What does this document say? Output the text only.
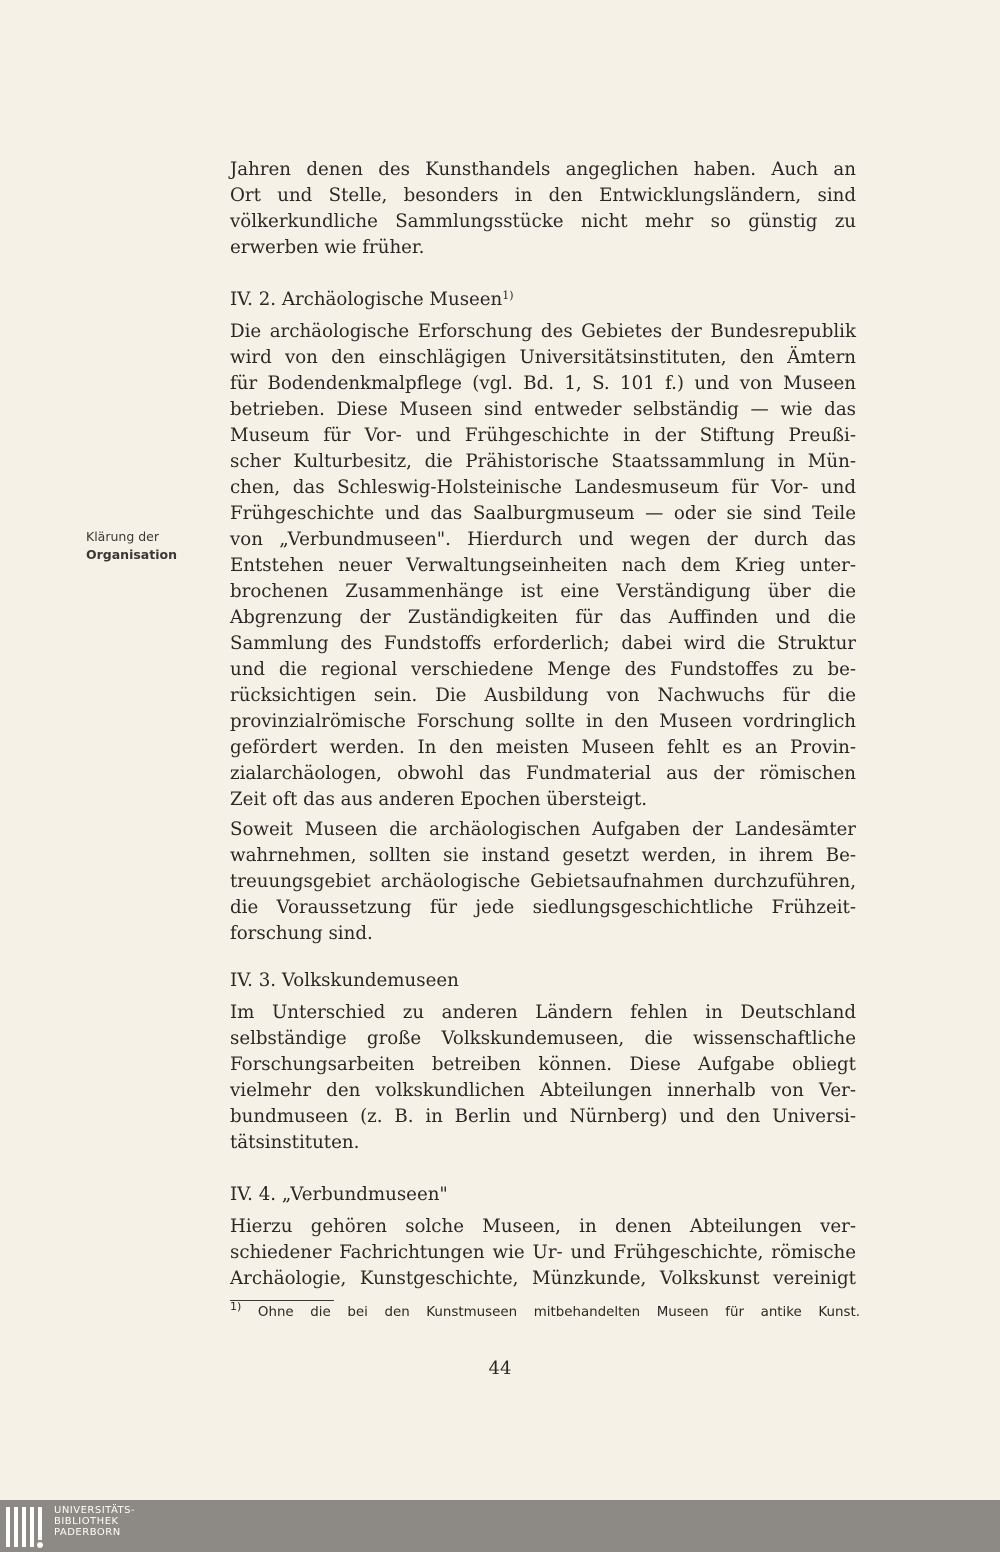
Jahren denen des Kunsthandels angeglichen haben. Auch an
Ort und Stelle, besonders in den Entwicklungsländern, sind
völkerkundliche Sammlungsstücke nicht mehr so günstig zu
erwerben wie früher.
IV. 2. Archäologische Museen$^{1)}$
Die archäologische Erforschung des Gebietes der Bundesrepublik
wird von den einschlägigen Universitätsinstituten, den Ämtern
für Bodendenkmalpflege (vgl. Bd. 1, S. 101 f.) und von Museen
betrieben. Diese Museen sind entweder selbständig — wie das
Museum für Vor- und Frühgeschichte in der Stiftung Preußi-
scher Kulturbesitz, die Prähistorische Staatssammlung in Mün-
chen, das Schleswig-Holsteinische Landesmuseum für Vor- und
Frühgeschichte und das Saalburgmuseum — oder sie sind Teile
von „Verbundmuseen". Hierdurch und wegen der durch das
Entstehen neuer Verwaltungseinheiten nach dem Krieg unter-
brochenen Zusammenhänge ist eine Verständigung über die
Abgrenzung der Zuständigkeiten für das Auffinden und die
Sammlung des Fundstoffs erforderlich; dabei wird die Struktur
und die regional verschiedene Menge des Fundstoffes zu be-
rücksichtigen sein. Die Ausbildung von Nachwuchs für die
provinzialrömische Forschung sollte in den Museen vordringlich
gefördert werden. In den meisten Museen fehlt es an Provin-
zialarchäologen, obwohl das Fundmaterial aus der römischen
Zeit oft das aus anderen Epochen übersteigt.
Klärung der
Organisation
Soweit Museen die archäologischen Aufgaben der Landesämter
wahrnehmen, sollten sie instand gesetzt werden, in ihrem Be-
treuungsgebiet archäologische Gebietsaufnahmen durchzuführen,
die Voraussetzung für jede siedlungsgeschichtliche Frühzeit-
forschung sind.
IV. 3. Volkskundemuseen
Im Unterschied zu anderen Ländern fehlen in Deutschland
selbständige große Volkskundemuseen, die wissenschaftliche
Forschungsarbeiten betreiben können. Diese Aufgabe obliegt
vielmehr den volkskundlichen Abteilungen innerhalb von Ver-
bundmuseen (z. B. in Berlin und Nürnberg) und den Universi-
tätsinstituten.
IV. 4. „Verbundmuseen"
Hierzu gehören solche Museen, in denen Abteilungen ver-
schiedener Fachrichtungen wie Ur- und Frühgeschichte, römische
Archäologie, Kunstgeschichte, Münzkunde, Volkskunst vereinigt
$^{1)}$ Ohne die bei den Kunstmuseen mitbehandelten Museen für antike Kunst.
44
UNIVERSITÄTS-
BIBLIOTHEK
PADERBORN
